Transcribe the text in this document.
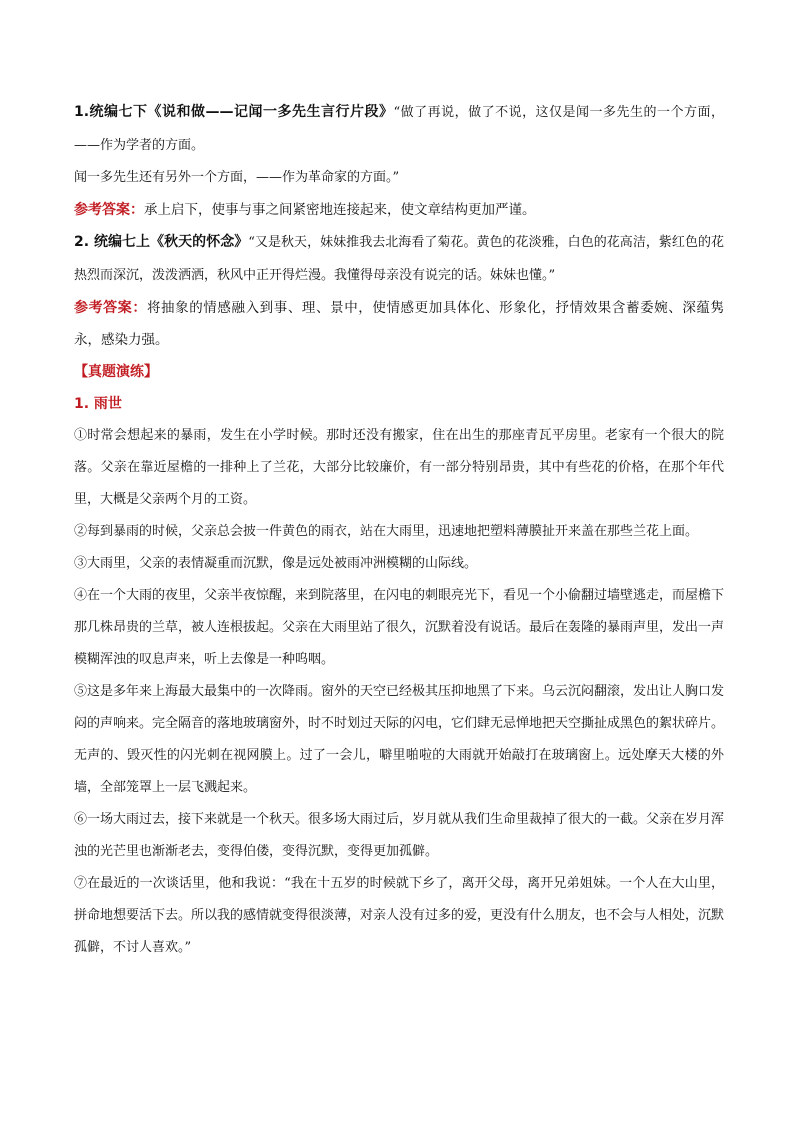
1.统编七下《说和做——记闻一多先生言行片段》“做了再说，做了不说，这仅是闻一多先生的一个方面，——作为学者的方面。

闻一多先生还有另外一个方面，——作为革命家的方面。”

参考答案：承上启下，使事与事之间紧密地连接起来，使文章结构更加严谨。

2. 统编七上《秋天的怀念》“又是秋天，妹妹推我去北海看了菊花。黄色的花淡雅，白色的花高洁，紫红色的花热烈而深沉，泼泼洒洒，秋风中正开得烂漫。我懂得母亲没有说完的话。妹妹也懂。”

参考答案：将抽象的情感融入到事、理、景中，使情感更加具体化、形象化，抒情效果含蓄委婉、深蕴隽永，感染力强。

【真题演练】

1. 雨世

①时常会想起来的暴雨，发生在小学时候。那时还没有搬家，住在出生的那座青瓦平房里。老家有一个很大的院落。父亲在靠近屋檐的一排种上了兰花，大部分比较廉价，有一部分特别昂贵，其中有些花的价格，在那个年代里，大概是父亲两个月的工资。

②每到暴雨的时候，父亲总会披一件黄色的雨衣，站在大雨里，迅速地把塑料薄膜扯开来盖在那些兰花上面。

③大雨里，父亲的表情凝重而沉默，像是远处被雨冲洲模糊的山际线。

④在一个大雨的夜里，父亲半夜惊醒，来到院落里，在闪电的刺眼亮光下，看见一个小偷翻过墙壁逃走，而屋檐下那几株昂贵的兰草，被人连根拔起。父亲在大雨里站了很久，沉默着没有说话。最后在轰隆的暴雨声里，发出一声模糊浑浊的叹息声来，听上去像是一种呜咽。

⑤这是多年来上海最大最集中的一次降雨。窗外的天空已经极其压抑地黑了下来。乌云沉闷翻滚，发出让人胸口发闷的声响来。完全隔音的落地玻璃窗外，时不时划过天际的闪电，它们肆无忌惮地把天空撕扯成黑色的絮状碎片。无声的、毁灭性的闪光刺在视网膜上。过了一会儿，噼里啪啦的大雨就开始敲打在玻璃窗上。远处摩天大楼的外墙，全部笼罩上一层飞溅起来。

⑥一场大雨过去，接下来就是一个秋天。很多场大雨过后，岁月就从我们生命里裁掉了很大的一截。父亲在岁月浑浊的光芒里也渐渐老去，变得伯偻，变得沉默，变得更加孤僻。

⑦在最近的一次谈话里，他和我说：“我在十五岁的时候就下乡了，离开父母，离开兄弟姐妹。一个人在大山里，拼命地想要活下去。所以我的感情就变得很淡薄，对亲人没有过多的爱，更没有什么朋友，也不会与人相处，沉默孤僻，不讨人喜欢。”
